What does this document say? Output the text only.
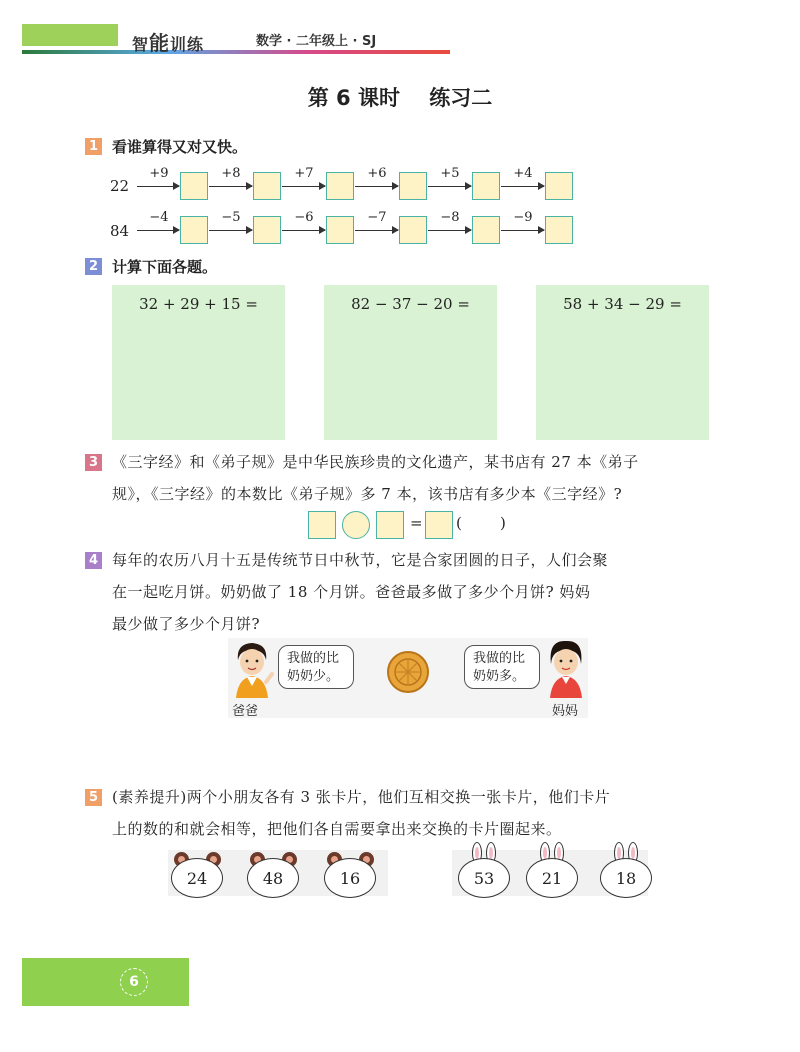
智能训练	数学 · 二年级上 · SJ
第 6 课时    练习二
1 看谁算得又对又快。
22
+9	+8	+7	+6	+5	+4
84
−4	−5	−6	−7	−8	−9
2 计算下面各题。
32 + 29 + 15 =	82 − 37 − 20 =	58 + 34 − 29 =
3 《三字经》和《弟子规》是中华民族珍贵的文化遗产，某书店有 27 本《弟子
规》，《三字经》的本数比《弟子规》多 7 本，该书店有多少本《三字经》?
= (        )
4 每年的农历八月十五是传统节日中秋节，它是合家团圆的日子，人们会聚
在一起吃月饼。奶奶做了 18 个月饼。爸爸最多做了多少个月饼? 妈妈
最少做了多少个月饼?
我做的比
奶奶少。
我做的比
奶奶多。
爸爸	妈妈
5 (素养提升)两个小朋友各有 3 张卡片，他们互相交换一张卡片，他们卡片
上的数的和就会相等，把他们各自需要拿出来交换的卡片圈起来。
24	48	16	53	21	18
6
